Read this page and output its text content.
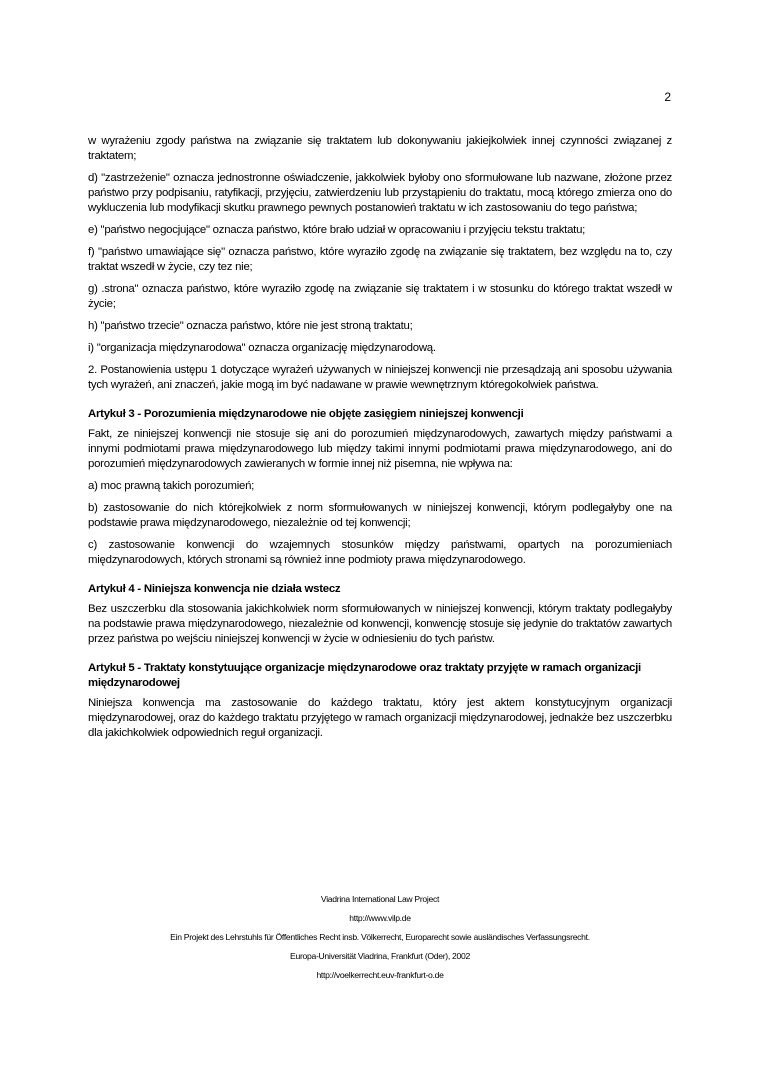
2

w wyrażeniu zgody państwa na związanie się traktatem lub dokonywaniu jakiejkolwiek innej czynności związanej z traktatem;

d) "zastrzeżenie" oznacza jednostronne oświadczenie, jakkolwiek byłoby ono sformułowane lub nazwane, złożone przez państwo przy podpisaniu, ratyfikacji, przyjęciu, zatwierdzeniu lub przystąpieniu do traktatu, mocą którego zmierza ono do wykluczenia lub modyfikacji skutku prawnego pewnych postanowień traktatu w ich zastosowaniu do tego państwa;

e) "państwo negocjujące" oznacza państwo, które brało udział w opracowaniu i przyjęciu tekstu traktatu;

f) "państwo umawiające się" oznacza państwo, które wyraziło zgodę na związanie się traktatem, bez względu na to, czy traktat wszedł w życie, czy tez nie;

g) .strona" oznacza państwo, które wyraziło zgodę na związanie się traktatem i w stosunku do którego traktat wszedł w życie;

h) "państwo trzecie" oznacza państwo, które nie jest stroną traktatu;

i) "organizacja międzynarodowa" oznacza organizację międzynarodową.

2. Postanowienia ustępu 1 dotyczące wyrażeń używanych w niniejszej konwencji nie przesądzają ani sposobu używania tych wyrażeń, ani znaczeń, jakie mogą im być nadawane w prawie wewnętrznym któregokolwiek państwa.

Artykuł 3 - Porozumienia międzynarodowe nie objęte zasięgiem niniejszej konwencji

Fakt, ze niniejszej konwencji nie stosuje się ani do porozumień międzynarodowych, zawartych między państwami a innymi podmiotami prawa międzynarodowego lub między takimi innymi podmiotami prawa międzynarodowego, ani do porozumień międzynarodowych zawieranych w formie innej niż pisemna, nie wpływa na:

a) moc prawną takich porozumień;

b) zastosowanie do nich którejkolwiek z norm sformułowanych w niniejszej konwencji, którym podlegałyby one na podstawie prawa międzynarodowego, niezależnie od tej konwencji;

c) zastosowanie konwencji do wzajemnych stosunków między państwami, opartych na porozumieniach międzynarodowych, których stronami są również inne podmioty prawa międzynarodowego.

Artykuł 4 - Niniejsza konwencja nie działa wstecz

Bez uszczerbku dla stosowania jakichkolwiek norm sformułowanych w niniejszej konwencji, którym traktaty podlegałyby na podstawie prawa międzynarodowego, niezależnie od konwencji, konwencję stosuje się jedynie do traktatów zawartych przez państwa po wejściu niniejszej konwencji w życie w odniesieniu do tych państw.

Artykuł 5 - Traktaty konstytuujące organizacje międzynarodowe oraz traktaty przyjęte w ramach organizacji międzynarodowej

Niniejsza konwencja ma zastosowanie do każdego traktatu, który jest aktem konstytucyjnym organizacji międzynarodowej, oraz do każdego traktatu przyjętego w ramach organizacji międzynarodowej, jednakże bez uszczerbku dla jakichkolwiek odpowiednich reguł organizacji.

Viadrina International Law Project
http://www.vilp.de
Ein Projekt des Lehrstuhls für Öffentliches Recht insb. Völkerrecht, Europarecht sowie ausländisches Verfassungsrecht.
Europa-Universität Viadrina, Frankfurt (Oder), 2002
http://voelkerrecht.euv-frankfurt-o.de
